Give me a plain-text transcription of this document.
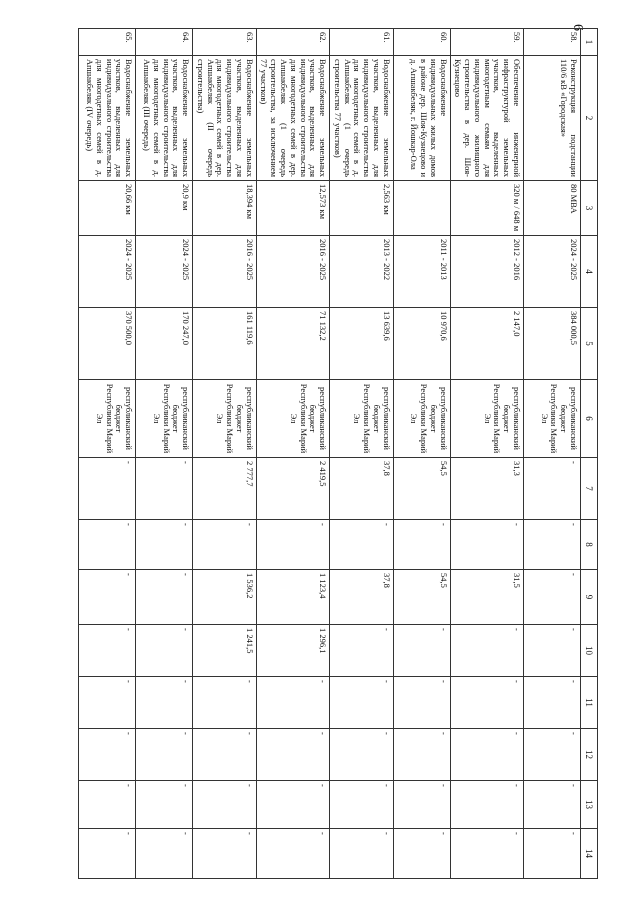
6
1	2	3	4	5	6	7	8	9	10	11	12	13	14
58.	Реконструкция подстанции 110/6 кВ «Городская»	80 МВА	2024 - 2025	384 000,5	республиканский бюджет Республики Марий Эл	-	-	-	-	-	-	-	-
59.	Обеспечение инженерной инфраструктурой земельных участков, выделенных многодетным семьям для индивидуального жилищного строительства в дер. Шоя-Кузнецово	320 м / 648 м	2012 - 2016	2 147,0	республиканский бюджет Республики Марий Эл	31,3	-	31,5	-	-	-	-	-
60.	Водоснабжение индивидуальных жилых домов в районе дер. Шоя-Кузнецово и д. Апшакбеляк, г. Йошкар-Ола		2011 - 2013	10 970,6	республиканский бюджет Республики Марий Эл	54,5	-	54,5	-	-	-	-	-
61.	Водоснабжение земельных участков, выделенных для индивидуального строительства для многодетных семей в д. Апшакбеляк (1 очередь строительства 77 участков)	2,563 км	2013 - 2022	13 639,6	республиканский бюджет Республики Марий Эл	37,8	-	37,8	-	-	-	-	-
62.	Водоснабжение земельных участков, выделенных для индивидуального строительства для многодетных семей в дер. Апшакбеляк (1 очередь строительства, за исключением 77 участков)	12,573 км	2016 - 2025	71 132,2	республиканский бюджет Республики Марий Эл	2 419,5	-	1 123,4	1 296,1	-	-	-	-
63.	Водоснабжение земельных участков, выделенных для индивидуального строительства для многодетных семей в дер. Апшакбеляк (II очередь строительства)	18,394 км	2016 - 2025	161 119,6	республиканский бюджет Республики Марий Эл	2 777,7	-	1 536,2	1 241,5	-	-	-	-
64.	Водоснабжение земельных участков, выделенных для индивидуального строительства для многодетных семей в д. Апшакбеляк (III очередь)	20,9 км	2024 - 2025	170 247,0	республиканский бюджет Республики Марий Эл	-	-	-	-	-	-	-	-
65.	Водоснабжение земельных участков, выделенных для индивидуального строительства для многодетных семей в д. Апшакбеляк (IV очередь)	20,66 км	2024 - 2025	370 500,0	республиканский бюджет Республики Марий Эл	-	-	-	-	-	-	-	-
